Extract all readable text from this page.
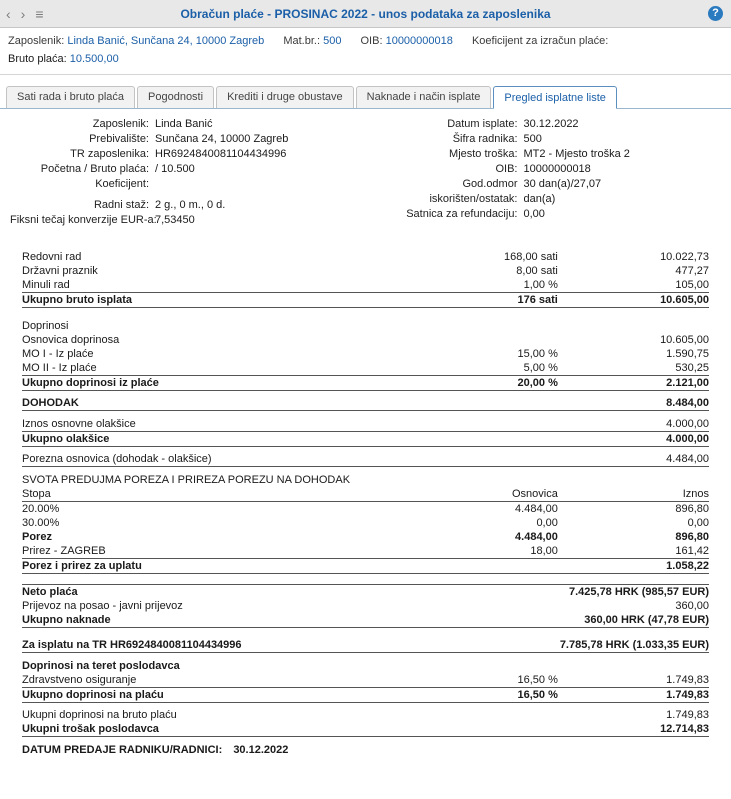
‹ › ≡	Obračun plaće - PROSINAC 2022 - unos podataka za zaposlenika	?
Zaposlenik: Linda Banić, Sunčana 24, 10000 Zagreb Mat.br.: 500 OIB: 10000000018 Koeficijent za izračun plaće:
Bruto plaća: 10.500,00
Sati rada i bruto plaća	Pogodnosti	Krediti i druge obustave	Naknade i način isplate	Pregled isplatne liste
Zaposlenik: Linda Banić
Prebivalište: Sunčana 24, 10000 Zagreb
TR zaposlenika: HR6924840081104434996
Početna / Bruto plaća: / 10.500
Koeficijent:
Radni staž: 2 g., 0 m., 0 d.
Fiksni tečaj konverzije EUR-a:
7,53450
Datum isplate: 30.12.2022
Šifra radnika: 500
Mjesto troška: MT2 - Mjesto troška 2
OIB: 10000000018
God.odmor 30 dan(a)/27,07
iskorišten/ostatak: dan(a)
Satnica za refundaciju: 0,00
Redovni rad	168,00 sati	10.022,73
Državni praznik	8,00 sati	477,27
Minuli rad	1,00 %	105,00
Ukupno bruto isplata	176 sati	10.605,00

Doprinosi		
Osnovica doprinosa		10.605,00
MO I - Iz plaće	15,00 %	1.590,75
MO II - Iz plaće	5,00 %	530,25
Ukupno doprinosi iz plaće	20,00 %	2.121,00

DOHODAK		8.484,00

Iznos osnovne olakšice		4.000,00
Ukupno olakšice		4.000,00

Porezna osnovica (dohodak - olakšice)		4.484,00

SVOTA PREDUJMA POREZA I PRIREZA POREZU NA DOHODAK		
Stopa	Osnovica	Iznos
20.00%	4.484,00	896,80
30.00%	0,00	0,00
Porez	4.484,00	896,80
Prirez - ZAGREB	18,00	161,42
Porez i prirez za uplatu		1.058,22

Neto plaća		7.425,78 HRK (985,57 EUR)
Prijevoz na posao - javni prijevoz		360,00
Ukupno naknade		360,00 HRK (47,78 EUR)

Za isplatu na TR HR6924840081104434996		7.785,78 HRK (1.033,35 EUR)

Doprinosi na teret poslodavca		
Zdravstveno osiguranje	16,50 %	1.749,83
Ukupno doprinosi na plaću	16,50 %	1.749,83

Ukupni doprinosi na bruto plaću		1.749,83
Ukupni trošak poslodavca		12.714,83

DATUM PREDAJE RADNIKU/RADNICI: 30.12.2022		
